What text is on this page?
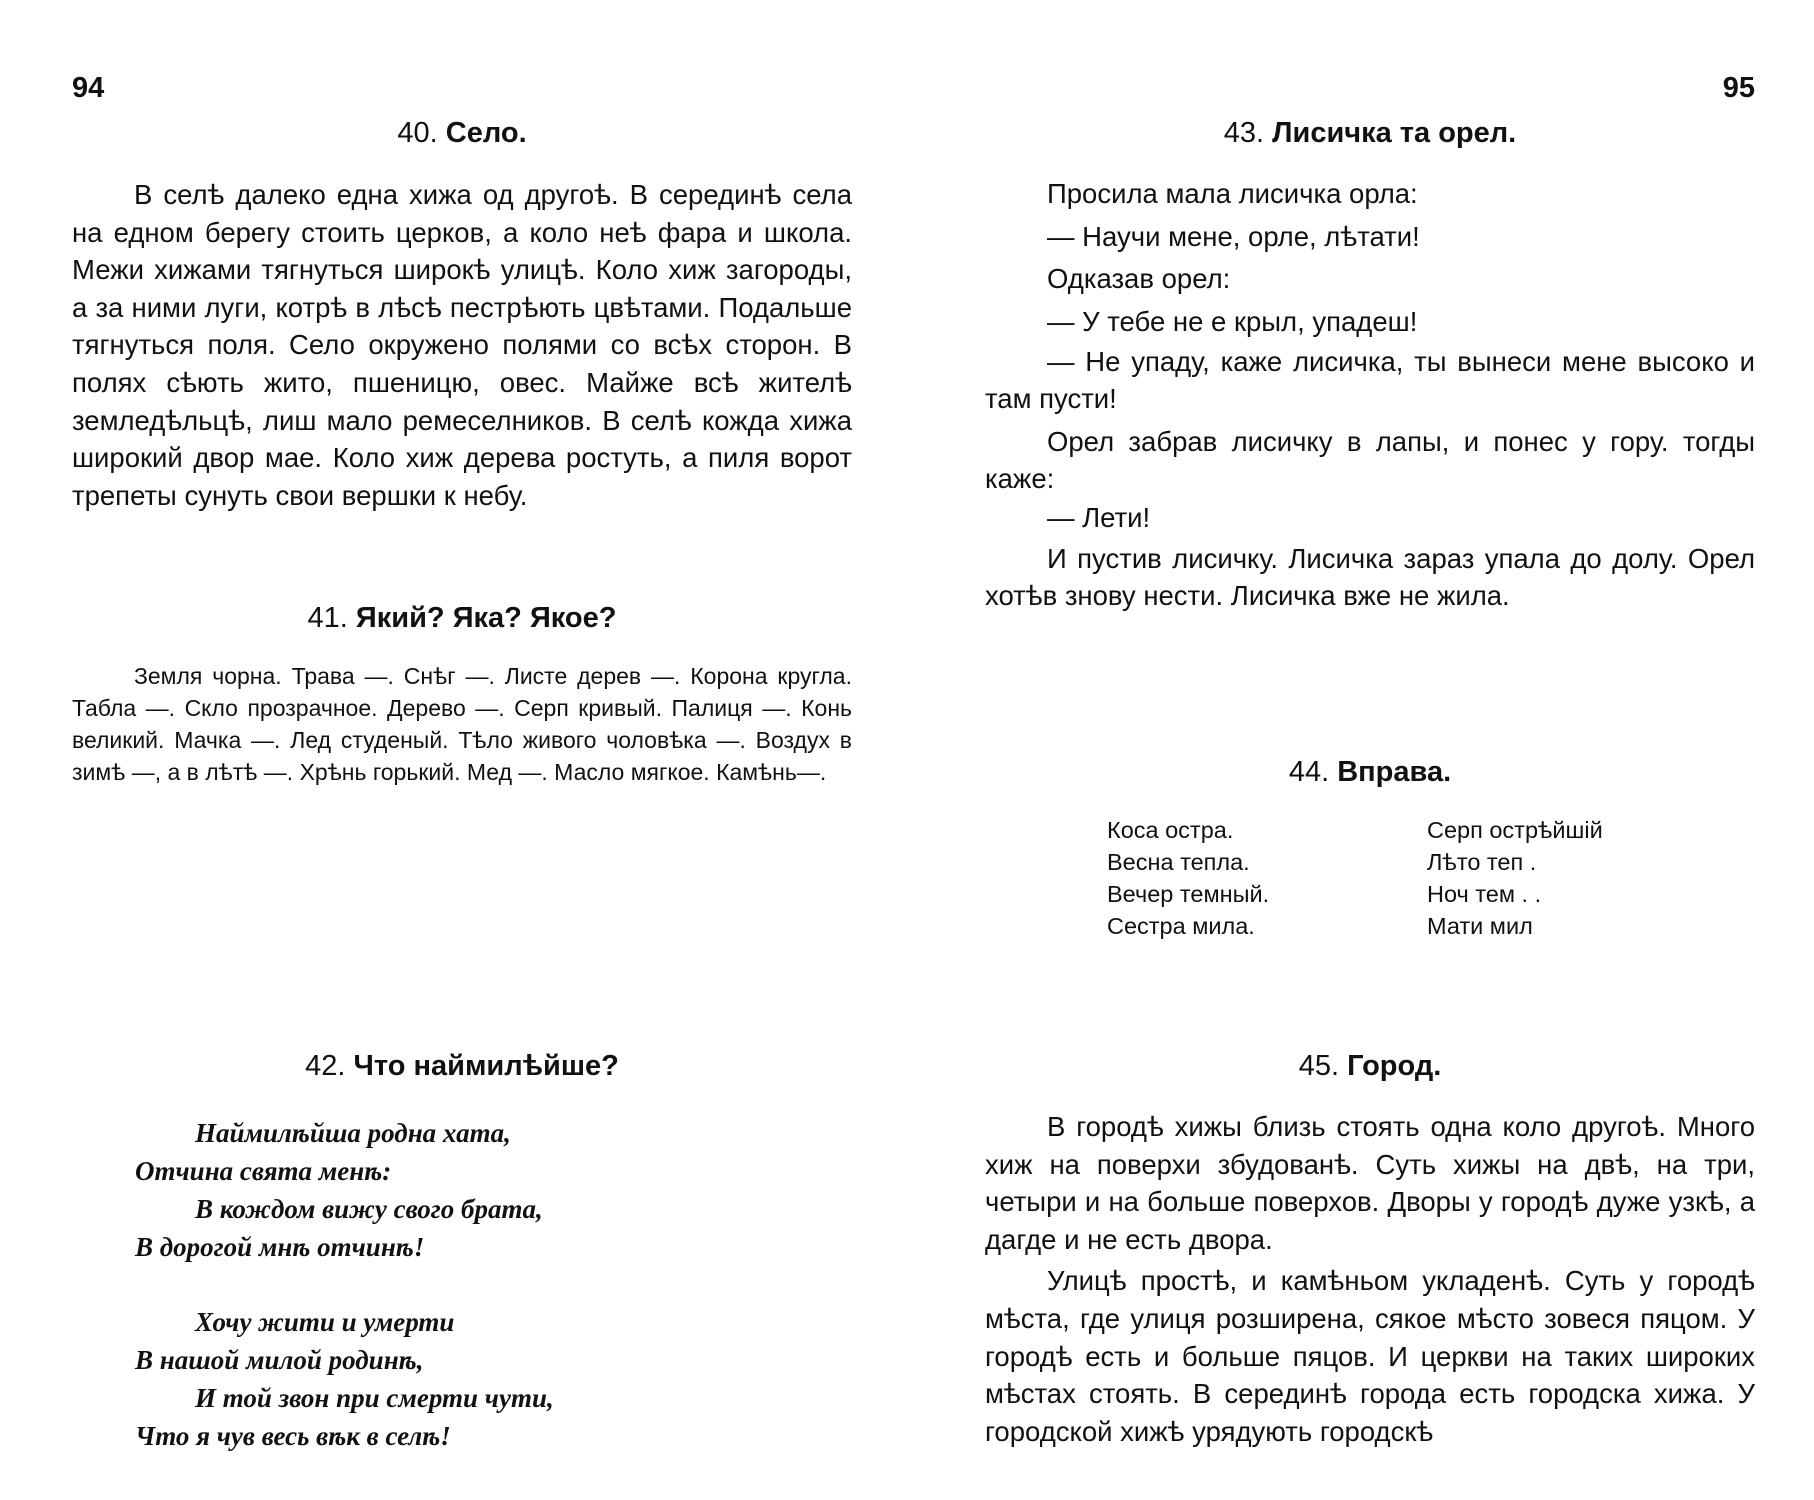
94
40. Село.

В селѣ далеко една хижа од другоѣ. В серединѣ села на едном берегу стоить церков, а коло неѣ фара и школа. Межи хижами тягнуться широкѣ улицѣ. Коло хиж загороды, а за ними луги, котрѣ в лѣсѣ пестрѣють цвѣтами. Подальше тягнуться поля. Село окружено полями со всѣх сторон. В полях сѣють жито, пшеницю, овес. Майже всѣ жителѣ земледѣльцѣ, лиш мало ремеселников. В селѣ кожда хижа широкий двор мае. Коло хиж дерева ростуть, а пиля ворот трепеты сунуть свои вершки к небу.

41. Який? Яка? Якое?

Земля чорна. Трава —. Снѣг —. Листе дерев —. Корона кругла. Табла —. Скло прозрачное. Дерево —. Серп кривый. Палиця —. Конь великий. Мачка —. Лед студеный. Тѣло живого чоловѣка —. Воздух в зимѣ —, а в лѣтѣ —. Хрѣнь горький. Мед —. Масло мягкое. Камѣнь—.

42. Что наймилѣйше?

Наймилѣйша родна хата,

Отчина свята менѣ:

В кождом вижу свого брата,

В дорогой мнѣ отчинѣ!

Хочу жити и умерти

В нашой милой родинѣ,

И той звон при смерти чути,

Что я чув весь вѣк в селѣ!

95
43. Лисичка та орел.

Просила мала лисичка орла:

— Научи мене, орле, лѣтати!

Одказав орел:

— У тебе не е крыл, упадеш!

— Не упаду, каже лисичка, ты вынеси мене высоко и там пусти!

Орел забрав лисичку в лапы, и понес у гору. тогды каже:

— Лети!

И пустив лисичку. Лисичка зараз упала до долу. Орел хотѣв знову нести. Лисичка вже не жила.

44. Вправа.
Коса остра.	Серп острѣйшій
Весна тепла.	Лѣто теп .
Вечер темный.	Ноч тем . .
Сестра мила.	Мати мил
45. Город.

В городѣ хижы близь стоять одна коло другоѣ. Много хиж на поверхи збудованѣ. Суть хижы на двѣ, на три, четыри и на больше поверхов. Дворы у городѣ дуже узкѣ, а дагде и не есть двора.

Улицѣ простѣ, и камѣньом укладенѣ. Суть у городѣ мѣста, где улиця розширена, сякое мѣсто зовеся пяцом. У городѣ есть и больше пяцов. И церкви на таких широких мѣстах стоять. В серединѣ города есть городска хижа. У городской хижѣ урядують городскѣ
